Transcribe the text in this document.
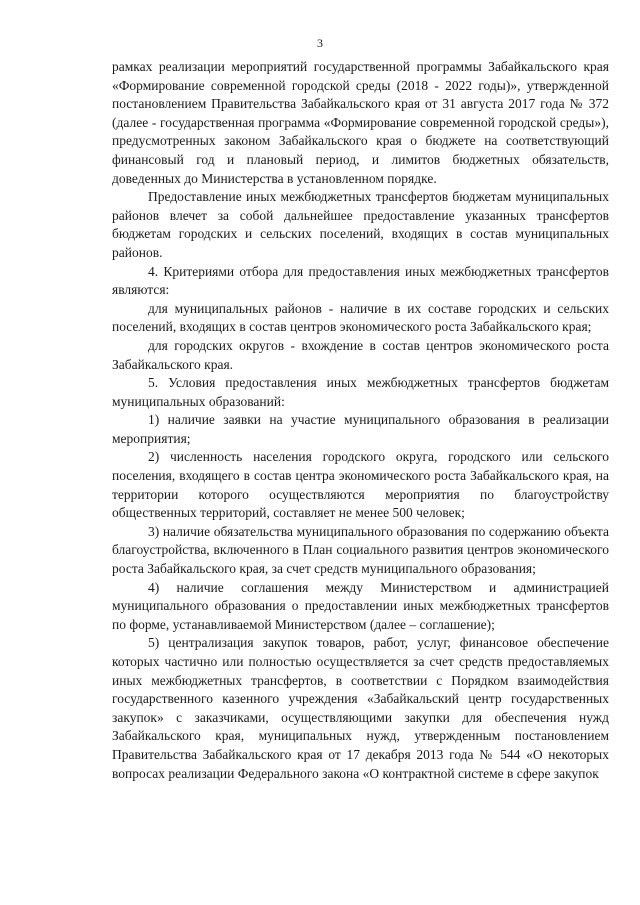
3

рамках реализации мероприятий государственной программы Забайкальского края «Формирование современной городской среды (2018 - 2022 годы)», утвержденной постановлением Правительства Забайкальского края от 31 августа 2017 года № 372 (далее - государственная программа «Формирование современной городской среды»), предусмотренных законом Забайкальского края о бюджете на соответствующий финансовый год и плановый период, и лимитов бюджетных обязательств, доведенных до Министерства в установленном порядке.

Предоставление иных межбюджетных трансфертов бюджетам муниципальных районов влечет за собой дальнейшее предоставление указанных трансфертов бюджетам городских и сельских поселений, входящих в состав муниципальных районов.

4. Критериями отбора для предоставления иных межбюджетных трансфертов являются:

для муниципальных районов - наличие в их составе городских и сельских поселений, входящих в состав центров экономического роста Забайкальского края;

для городских округов - вхождение в состав центров экономического роста Забайкальского края.

5. Условия предоставления иных межбюджетных трансфертов бюджетам муниципальных образований:

1) наличие заявки на участие муниципального образования в реализации мероприятия;

2) численность населения городского округа, городского или сельского поселения, входящего в состав центра экономического роста Забайкальского края, на территории которого осуществляются мероприятия по благоустройству общественных территорий, составляет не менее 500 человек;

3) наличие обязательства муниципального образования по содержанию объекта благоустройства, включенного в План социального развития центров экономического роста Забайкальского края, за счет средств муниципального образования;

4) наличие соглашения между Министерством и администрацией муниципального образования о предоставлении иных межбюджетных трансфертов по форме, устанавливаемой Министерством (далее – соглашение);

5) централизация закупок товаров, работ, услуг, финансовое обеспечение которых частично или полностью осуществляется за счет средств предоставляемых иных межбюджетных трансфертов, в соответствии с Порядком взаимодействия государственного казенного учреждения «Забайкальский центр государственных закупок» с заказчиками, осуществляющими закупки для обеспечения нужд Забайкальского края, муниципальных нужд, утвержденным постановлением Правительства Забайкальского края от 17 декабря 2013 года № 544 «О некоторых вопросах реализации Федерального закона «О контрактной системе в сфере закупок
